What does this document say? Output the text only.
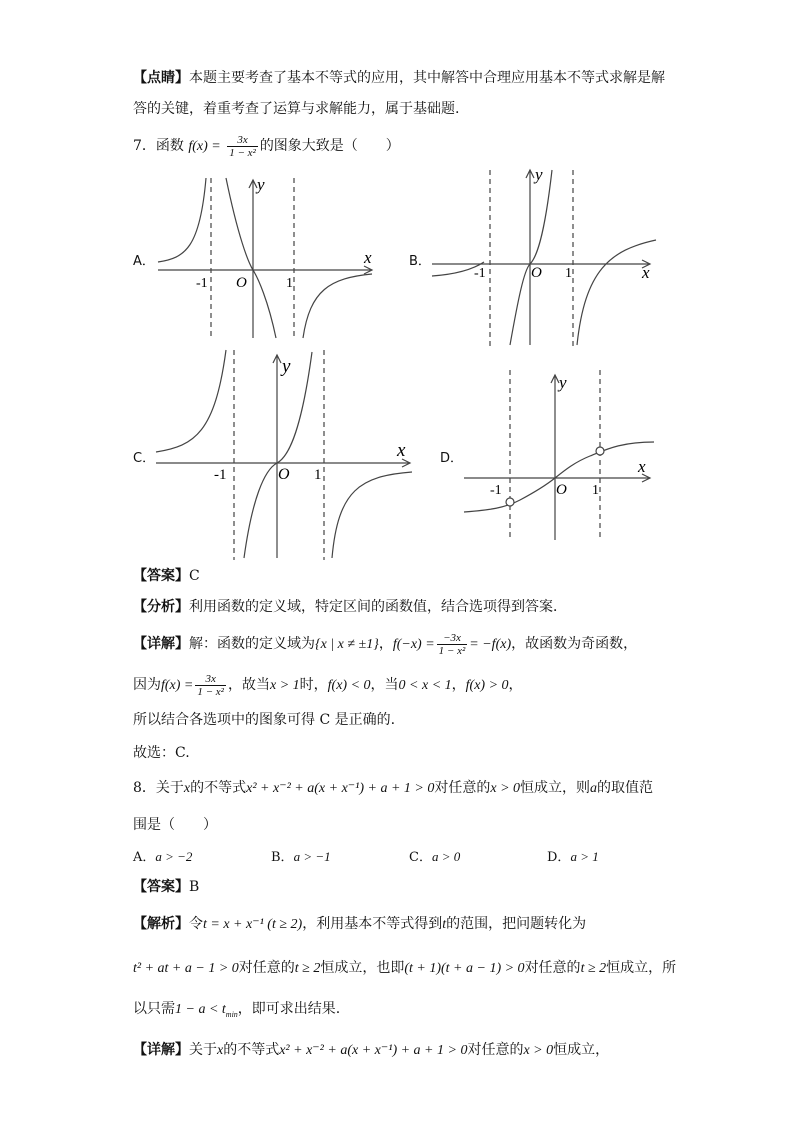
【点睛】本题主要考查了基本不等式的应用，其中解答中合理应用基本不等式求解是解
答的关键，着重考查了运算与求解能力，属于基础题.
7．函数 $f(x) = \frac{3x}{\text{1 − x²}}$ 的图象大致是（　　）
A．	B．
C．	D．
x
y
O
-1	1
x
y
O
-1	1
x
y
O
-1	1	x
y
O
-1	1
【答案】C
【分析】利用函数的定义域，特定区间的函数值，结合选项得到答案．
【详解】解：函数的定义域为{x | x ≠ ±1}，$f(-x) = \frac{-3x}{\text{1 − x²}} = -f(x)$，故函数为奇函数，
因为$f(x) = \frac{3x}{\text{1 − x²}}$ ，故当x > 1时，f(x) < 0，当0 < x < 1，f(x) > 0，
所以结合各选项中的图象可得 C 是正确的.
故选：C.
8．关于x的不等式x² + x⁻² + a(x + x⁻¹) + a + 1 > 0对任意的x > 0恒成立，则a的取值范
围是（　　）
A．a > −2	B．a > −1	C．a > 0	D．a > 1
【答案】B
【解析】令t = x + x⁻¹ (t ≥ 2)，利用基本不等式得到t的范围，把问题转化为
t² + at + a − 1 > 0对任意的t ≥ 2恒成立，也即(t + 1)(t + a − 1) > 0对任意的t ≥ 2恒成立，所
以只需$1 - a < t_{min}$，即可求出结果.
【详解】关于x的不等式x² + x⁻² + a(x + x⁻¹) + a + 1 > 0对任意的x > 0恒成立，
